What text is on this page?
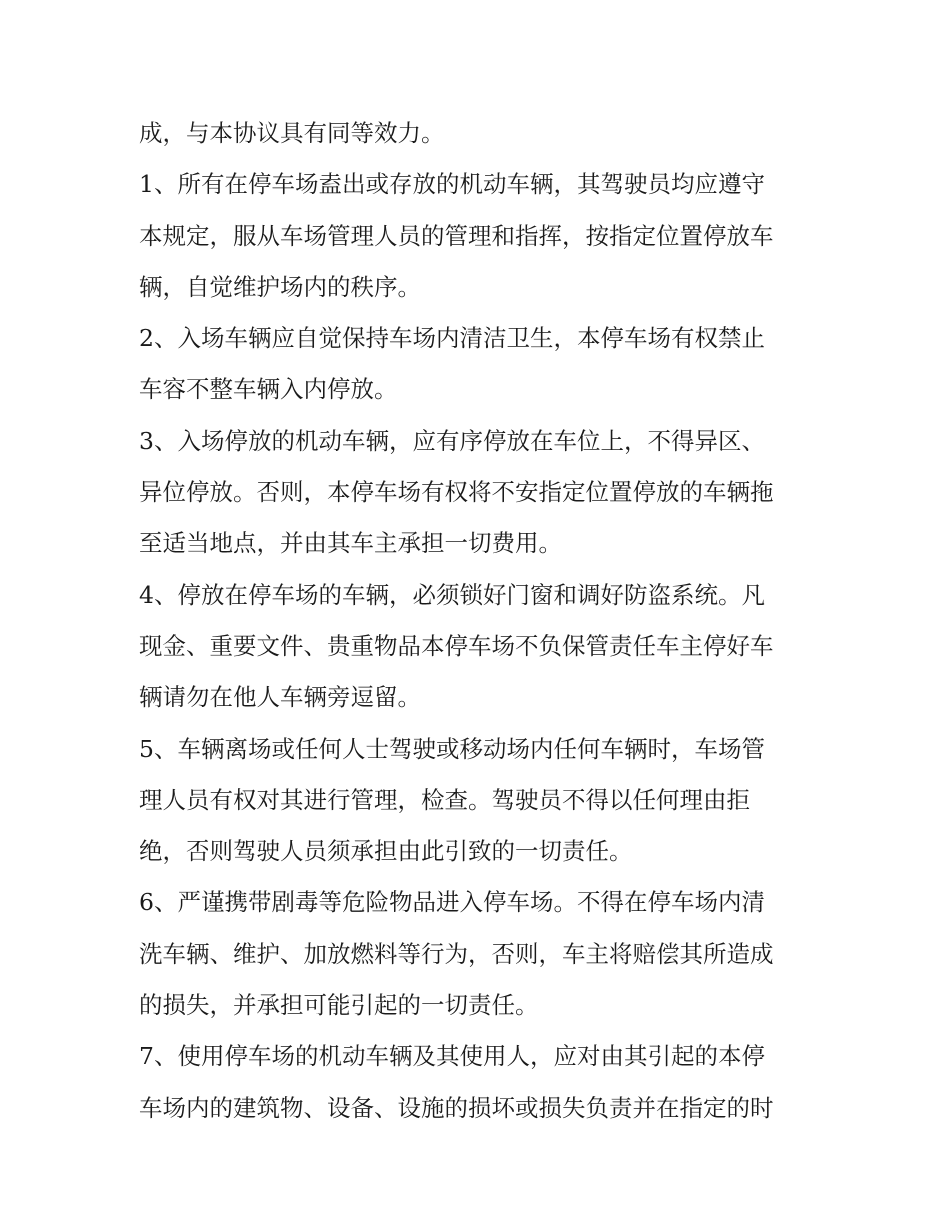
成，与本协议具有同等效力。

1、所有在停车场盍出或存放的机动车辆，其驾驶员均应遵守

本规定，服从车场管理人员的管理和指挥，按指定位置停放车

辆，自觉维护场内的秩序。

2、入场车辆应自觉保持车场内清洁卫生，本停车场有权禁止

车容不整车辆入内停放。

3、入场停放的机动车辆，应有序停放在车位上，不得异区、

异位停放。否则，本停车场有权将不安指定位置停放的车辆拖

至适当地点，并由其车主承担一切费用。

4、停放在停车场的车辆，必须锁好门窗和调好防盗系统。凡

现金、重要文件、贵重物品本停车场不负保管责任车主停好车

辆请勿在他人车辆旁逗留。

5、车辆离场或任何人士驾驶或移动场内任何车辆时，车场管

理人员有权对其进行管理，检查。驾驶员不得以任何理由拒

绝，否则驾驶人员须承担由此引致的一切责任。

6、严谨携带剧毒等危险物品进入停车场。不得在停车场内清

洗车辆、维护、加放燃料等行为，否则，车主将赔偿其所造成

的损失，并承担可能引起的一切责任。

7、使用停车场的机动车辆及其使用人，应对由其引起的本停

车场内的建筑物、设备、设施的损坏或损失负责并在指定的时
